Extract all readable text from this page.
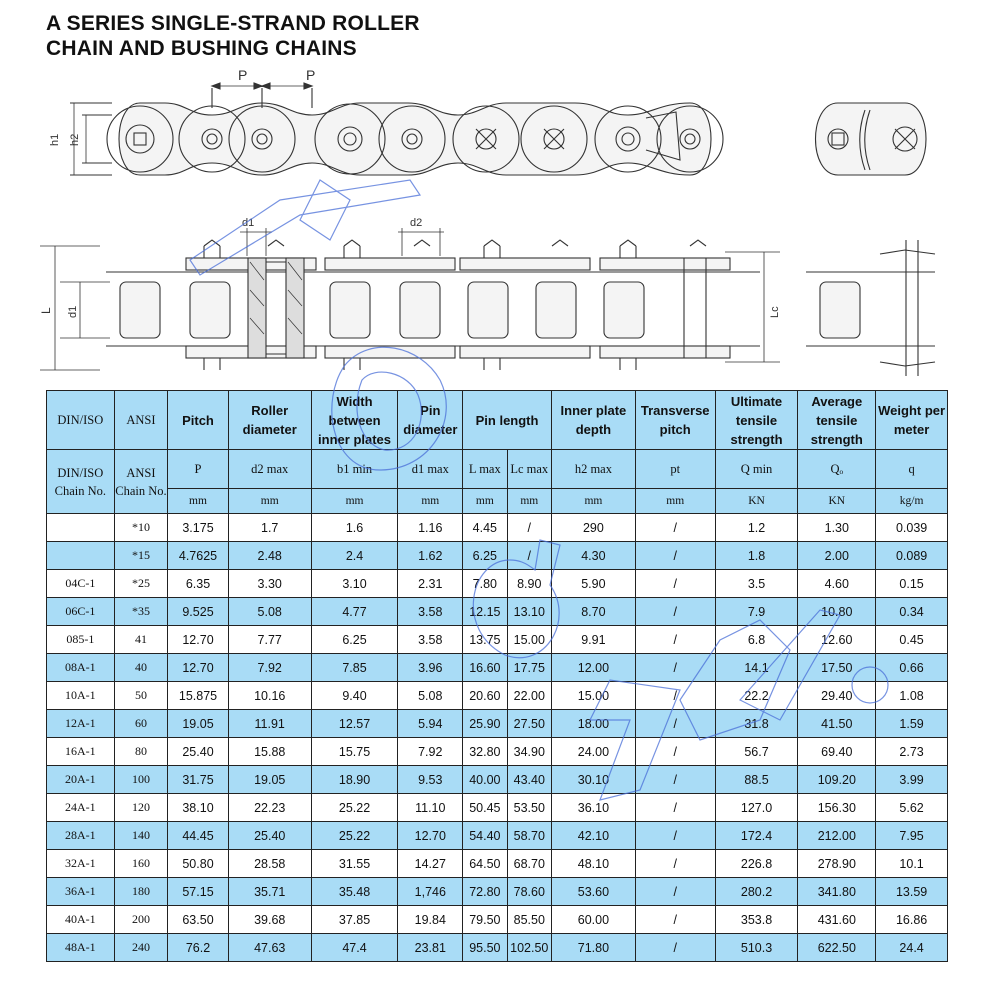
A SERIES SINGLE-STRAND ROLLER
CHAIN AND BUSHING CHAINS
P	P
h1 h2
d1	d2
L d1	Lc
DIN/ISO	ANSI	Pitch	Roller diameter	Width between inner plates	Pin diameter	Pin length		Inner plate depth	Transverse pitch	Ultimate tensile strength	Average tensile strength	Weight per meter
DIN/ISO Chain No.	ANSI Chain No.	P	d2 max	b1 min	d1 max	L max	Lc max	h2 max	pt	Q min	Qₒ	q
		mm	mm	mm	mm	mm	mm	mm	mm	KN	KN	kg/m
	*10	3.175	1.7	1.6	1.16	4.45	/	290	/	1.2	1.30	0.039
	*15	4.7625	2.48	2.4	1.62	6.25	/	4.30	/	1.8	2.00	0.089
04C-1	*25	6.35	3.30	3.10	2.31	7.80	8.90	5.90	/	3.5	4.60	0.15
06C-1	*35	9.525	5.08	4.77	3.58	12.15	13.10	8.70	/	7.9	10.80	0.34
085-1	41	12.70	7.77	6.25	3.58	13.75	15.00	9.91	/	6.8	12.60	0.45
08A-1	40	12.70	7.92	7.85	3.96	16.60	17.75	12.00	/	14.1	17.50	0.66
10A-1	50	15.875	10.16	9.40	5.08	20.60	22.00	15.00	/	22.2	29.40	1.08
12A-1	60	19.05	11.91	12.57	5.94	25.90	27.50	18.00	/	31.8	41.50	1.59
16A-1	80	25.40	15.88	15.75	7.92	32.80	34.90	24.00	/	56.7	69.40	2.73
20A-1	100	31.75	19.05	18.90	9.53	40.00	43.40	30.10	/	88.5	109.20	3.99
24A-1	120	38.10	22.23	25.22	11.10	50.45	53.50	36.10	/	127.0	156.30	5.62
28A-1	140	44.45	25.40	25.22	12.70	54.40	58.70	42.10	/	172.4	212.00	7.95
32A-1	160	50.80	28.58	31.55	14.27	64.50	68.70	48.10	/	226.8	278.90	10.1
36A-1	180	57.15	35.71	35.48	1,746	72.80	78.60	53.60	/	280.2	341.80	13.59
40A-1	200	63.50	39.68	37.85	19.84	79.50	85.50	60.00	/	353.8	431.60	16.86
48A-1	240	76.2	47.63	47.4	23.81	95.50	102.50	71.80	/	510.3	622.50	24.4
